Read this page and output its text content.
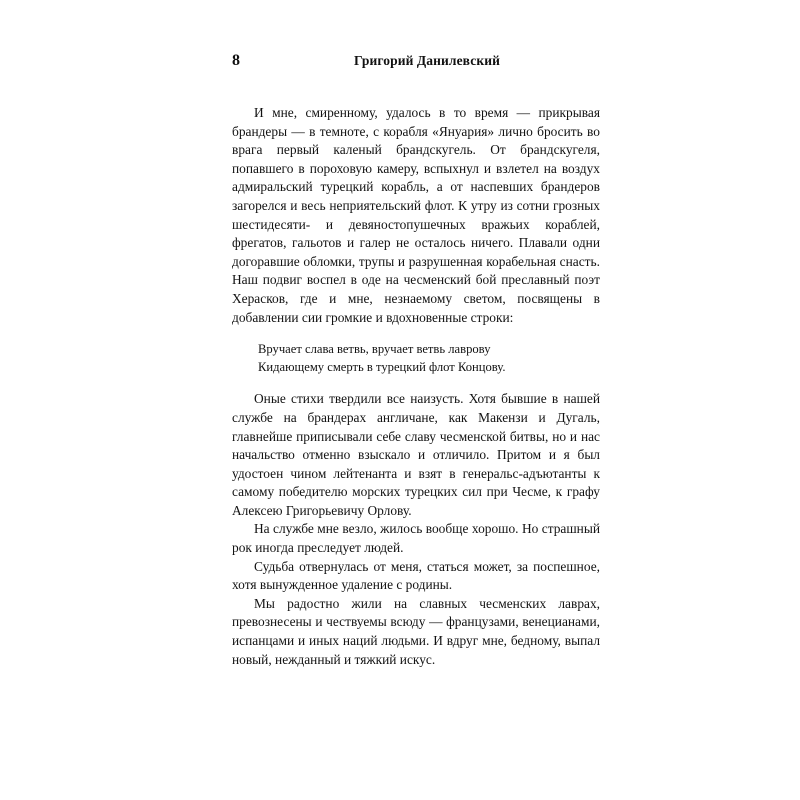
8	Григорий Данилевский

И мне, смиренному, удалось в то время — прикрывая брандеры — в темноте, с корабля «Януария» лично бросить во врага первый каленый брандскугель. От брандскугеля, попавшего в пороховую камеру, вспыхнул и взлетел на воздух адмиральский турецкий корабль, а от наспевших брандеров загорелся и весь неприятельский флот. К утру из сотни грозных шестидесяти- и девяностопушечных вражьих кораблей, фрегатов, гальотов и галер не осталось ничего. Плавали одни догоравшие обломки, трупы и разрушенная корабельная снасть. Наш подвиг воспел в оде на чесменский бой преславный поэт Херасков, где и мне, незнаемому светом, посвящены в добавлении сии громкие и вдохновенные строки:

Вручает слава ветвь, вручает ветвь лаврову
Кидающему смерть в турецкий флот Концову.

Оные стихи твердили все наизусть. Хотя бывшие в нашей службе на брандерах англичане, как Макензи и Дугаль, главнейше приписывали себе славу чесменской битвы, но и нас начальство отменно взыскало и отличило. Притом и я был удостоен чином лейтенанта и взят в генеральс-адъютанты к самому победителю морских турецких сил при Чесме, к графу Алексею Григорьевичу Орлову.

На службе мне везло, жилось вообще хорошо. Но страшный рок иногда преследует людей.

Судьба отвернулась от меня, статься может, за поспешное, хотя вынужденное удаление с родины.

Мы радостно жили на славных чесменских лаврах, превознесены и чествуемы всюду — французами, венецианами, испанцами и иных наций людьми. И вдруг мне, бедному, выпал новый, нежданный и тяжкий искус.
